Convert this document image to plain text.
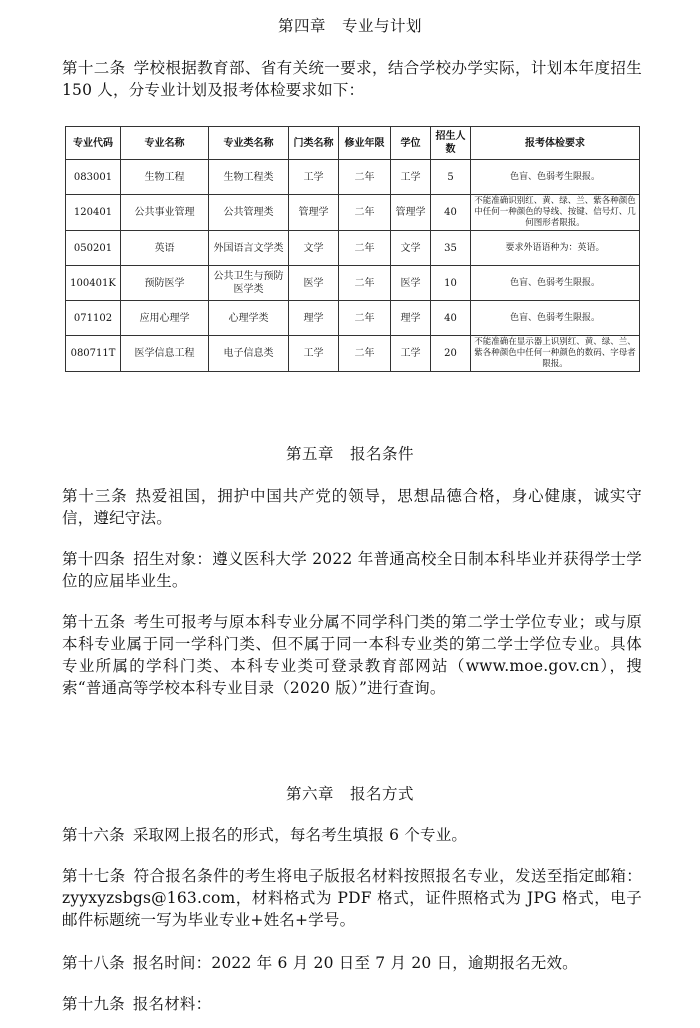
第四章　专业与计划
第十二条 学校根据教育部、省有关统一要求，结合学校办学实际，计划本年度招生 150 人，分专业计划及报考体检要求如下：
专业代码	专业名称	专业类名称	门类名称	修业年限	学位	招生人数	报考体检要求
083001	生物工程	生物工程类	工学	二年	工学	5	色盲、色弱考生限报。
120401	公共事业管理	公共管理类	管理学	二年	管理学	40	不能准确识别红、黄、绿、兰、紫各种颜色中任何一种颜色的导线、按键、信号灯、几何图形者限报。
050201	英语	外国语言文学类	文学	二年	文学	35	要求外语语种为：英语。
100401K	预防医学	公共卫生与预防医学类	医学	二年	医学	10	色盲、色弱考生限报。
071102	应用心理学	心理学类	理学	二年	理学	40	色盲、色弱考生限报。
080711T	医学信息工程	电子信息类	工学	二年	工学	20	不能准确在显示器上识别红、黄、绿、兰、紫各种颜色中任何一种颜色的数码、字母者限报。
第五章　报名条件
第十三条 热爱祖国，拥护中国共产党的领导，思想品德合格，身心健康，诚实守信，遵纪守法。
第十四条 招生对象：遵义医科大学 2022 年普通高校全日制本科毕业并获得学士学位的应届毕业生。
第十五条 考生可报考与原本科专业分属不同学科门类的第二学士学位专业；或与原本科专业属于同一学科门类、但不属于同一本科专业类的第二学士学位专业。具体专业所属的学科门类、本科专业类可登录教育部网站（www.moe.gov.cn），搜索“普通高等学校本科专业目录（2020 版）”进行查询。
第六章　报名方式
第十六条 采取网上报名的形式，每名考生填报 6 个专业。
第十七条 符合报名条件的考生将电子版报名材料按照报名专业，发送至指定邮箱：zyyxyzsbgs@163.com，材料格式为 PDF 格式，证件照格式为 JPG 格式，电子邮件标题统一写为毕业专业+姓名+学号。
第十八条 报名时间：2022 年 6 月 20 日至 7 月 20 日，逾期报名无效。
第十九条 报名材料：
